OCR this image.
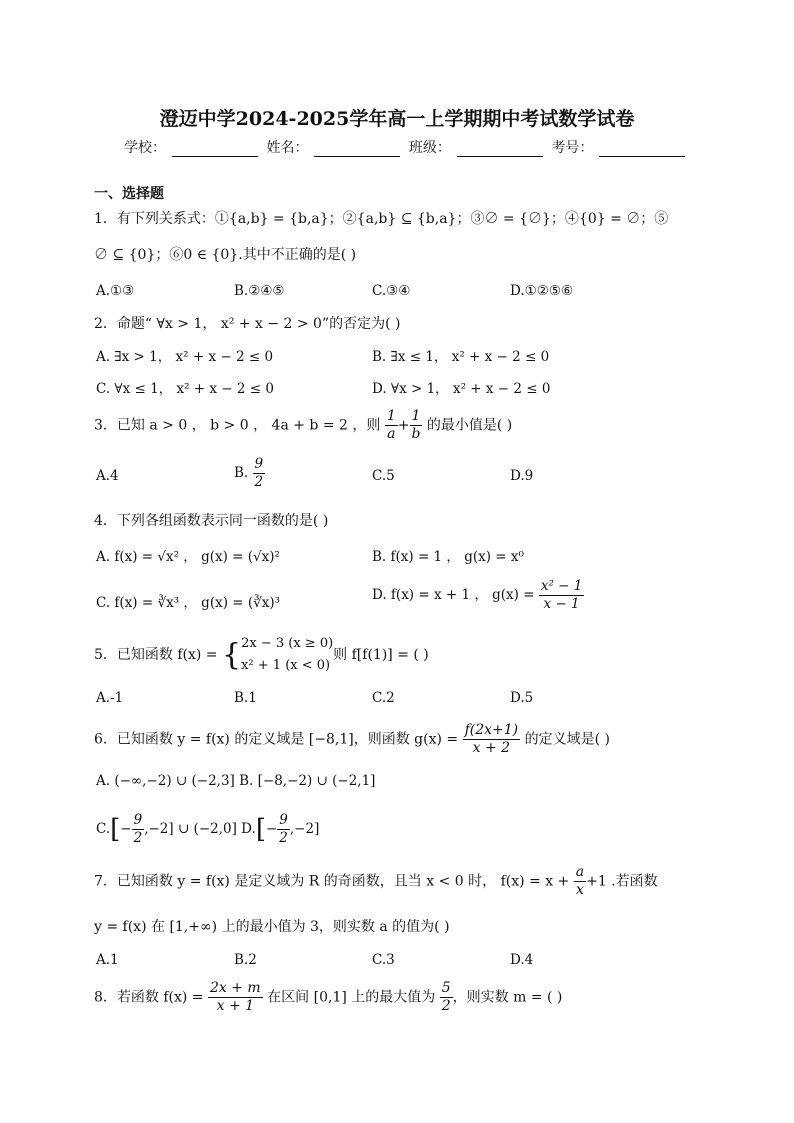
澄迈中学2024-2025学年高一上学期期中考试数学试卷
学校：	姓名：	班级：	考号：
一、选择题
1．有下列关系式：①{a,b} = {b,a}；②{a,b} ⊆ {b,a}；③∅ = {∅}；④{0} = ∅；⑤
∅ ⊆ {0}；⑥0 ∈ {0}.其中不正确的是( )
A.①③	B.②④⑤	C.③④	D.①②⑤⑥
2．命题“ ∀x > 1， x² + x − 2 > 0”的否定为( )
A. ∃x > 1， x² + x − 2 ≤ 0	B. ∃x ≤ 1， x² + x − 2 ≤ 0
C. ∀x ≤ 1， x² + x − 2 ≤ 0	D. ∀x > 1， x² + x − 2 ≤ 0
3．已知 a > 0 ， b > 0 ， 4a + b = 2 ，则 $\frac{1}{a} + \frac{1}{b}$ 的最小值是( )
A.4	B. $\frac{9}{2}$	C.5	D.9
4．下列各组函数表示同一函数的是( )
A. f(x) = √x² ， g(x) = (√x)²	B. f(x) = 1 ， g(x) = x⁰
C. f(x) = ∛x³ ， g(x) = (∛x)³	D. f(x) = x + 1 ， $g(x) = \frac{\text{x² − 1}}{x - 1}$
5．已知函数 f(x) = { 2x − 3 (x ≥ 0)
x² + 1 (x < 0)
则 f[f(1)] = ( )
A.-1	B.1	C.2	D.5
6．已知函数 y = f(x) 的定义域是 [−8,1]，则函数 $g(x) = \frac{f(2x+1)}{x + 2}$ 的定义域是( )
A. (−∞,−2) ∪ (−2,3] B. [−8,−2) ∪ (−2,1]
$C.[- \frac{9}{2} ,-2]$ ∪ (−2,0] $D.[- \frac{9}{2} ,-2]$
7．已知函数 y = f(x) 是定义域为 R 的奇函数，且当 x < 0 时， $f(x) = x + \frac{a}{x} +1$ .若函数
y = f(x) 在 [1,+∞) 上的最小值为 3，则实数 a 的值为( )
A.1	B.2	C.3	D.4
8．若函数 $f(x) = \frac{2x + m}{x + 1}$ 在区间 [0,1] 上的最大值为 $\frac{5}{2}$ ，则实数 m = ( )
